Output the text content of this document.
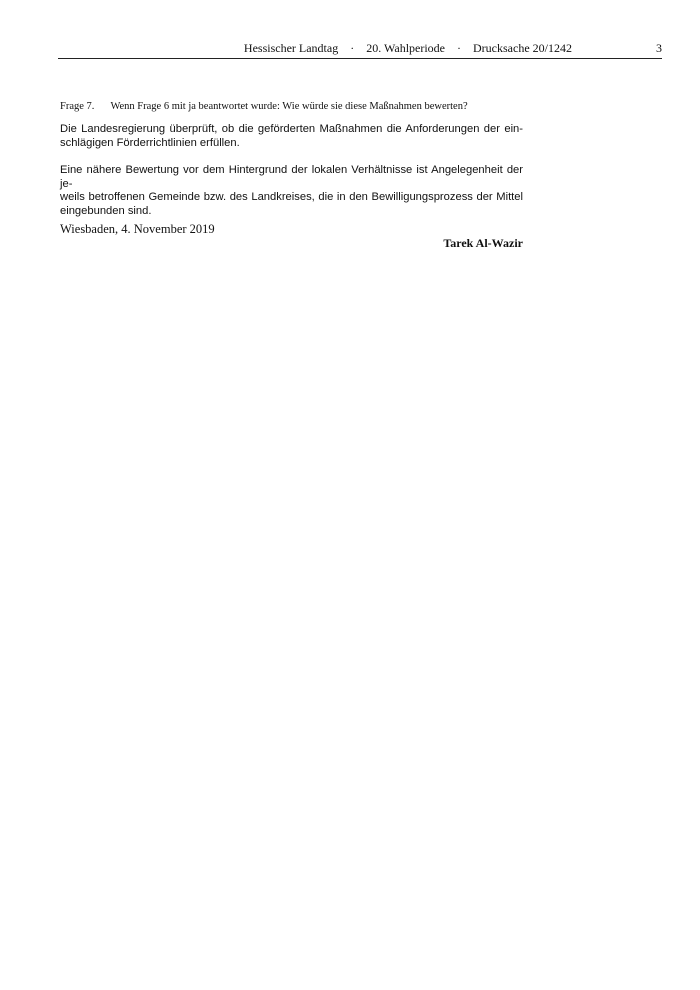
Hessischer Landtag · 20. Wahlperiode · Drucksache 20/1242	3
Frage 7. Wenn Frage 6 mit ja beantwortet wurde: Wie würde sie diese Maßnahmen bewerten?

Die Landesregierung überprüft, ob die geförderten Maßnahmen die Anforderungen der ein-
schlägigen Förderrichtlinien erfüllen.

Eine nähere Bewertung vor dem Hintergrund der lokalen Verhältnisse ist Angelegenheit der je-
weils betroffenen Gemeinde bzw. des Landkreises, die in den Bewilligungsprozess der Mittel
eingebunden sind.

Wiesbaden, 4. November 2019
Tarek Al-Wazir
